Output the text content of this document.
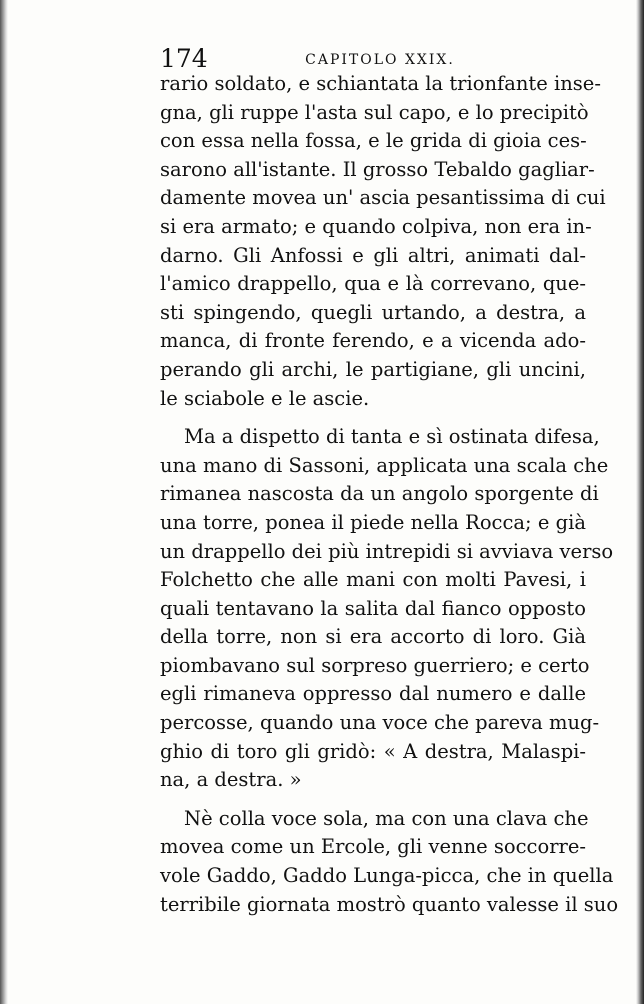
174	CAPITOLO XXIX.
rario soldato, e schiantata la trionfante inse-
gna, gli ruppe l'asta sul capo, e lo precipitò
con essa nella fossa, e le grida di gioia ces-
sarono all'istante. Il grosso Tebaldo gagliar-
damente movea un' ascia pesantissima di cui
si era armato; e quando colpiva, non era in-
darno. Gli Anfossi e gli altri, animati dal-
l'amico drappello, qua e là correvano, que-
sti spingendo, quegli urtando, a destra, a
manca, di fronte ferendo, e a vicenda ado-
perando gli archi, le partigiane, gli uncini,
le sciabole e le ascie.
Ma a dispetto di tanta e sì ostinata difesa,
una mano di Sassoni, applicata una scala che
rimanea nascosta da un angolo sporgente di
una torre, ponea il piede nella Rocca; e già
un drappello dei più intrepidi si avviava verso
Folchetto che alle mani con molti Pavesi, i
quali tentavano la salita dal fianco opposto
della torre, non si era accorto di loro. Già
piombavano sul sorpreso guerriero; e certo
egli rimaneva oppresso dal numero e dalle
percosse, quando una voce che pareva mug-
ghio di toro gli gridò: « A destra, Malaspi-
na, a destra. »
Nè colla voce sola, ma con una clava che
movea come un Ercole, gli venne soccorre-
vole Gaddo, Gaddo Lunga-picca, che in quella
terribile giornata mostrò quanto valesse il suo
